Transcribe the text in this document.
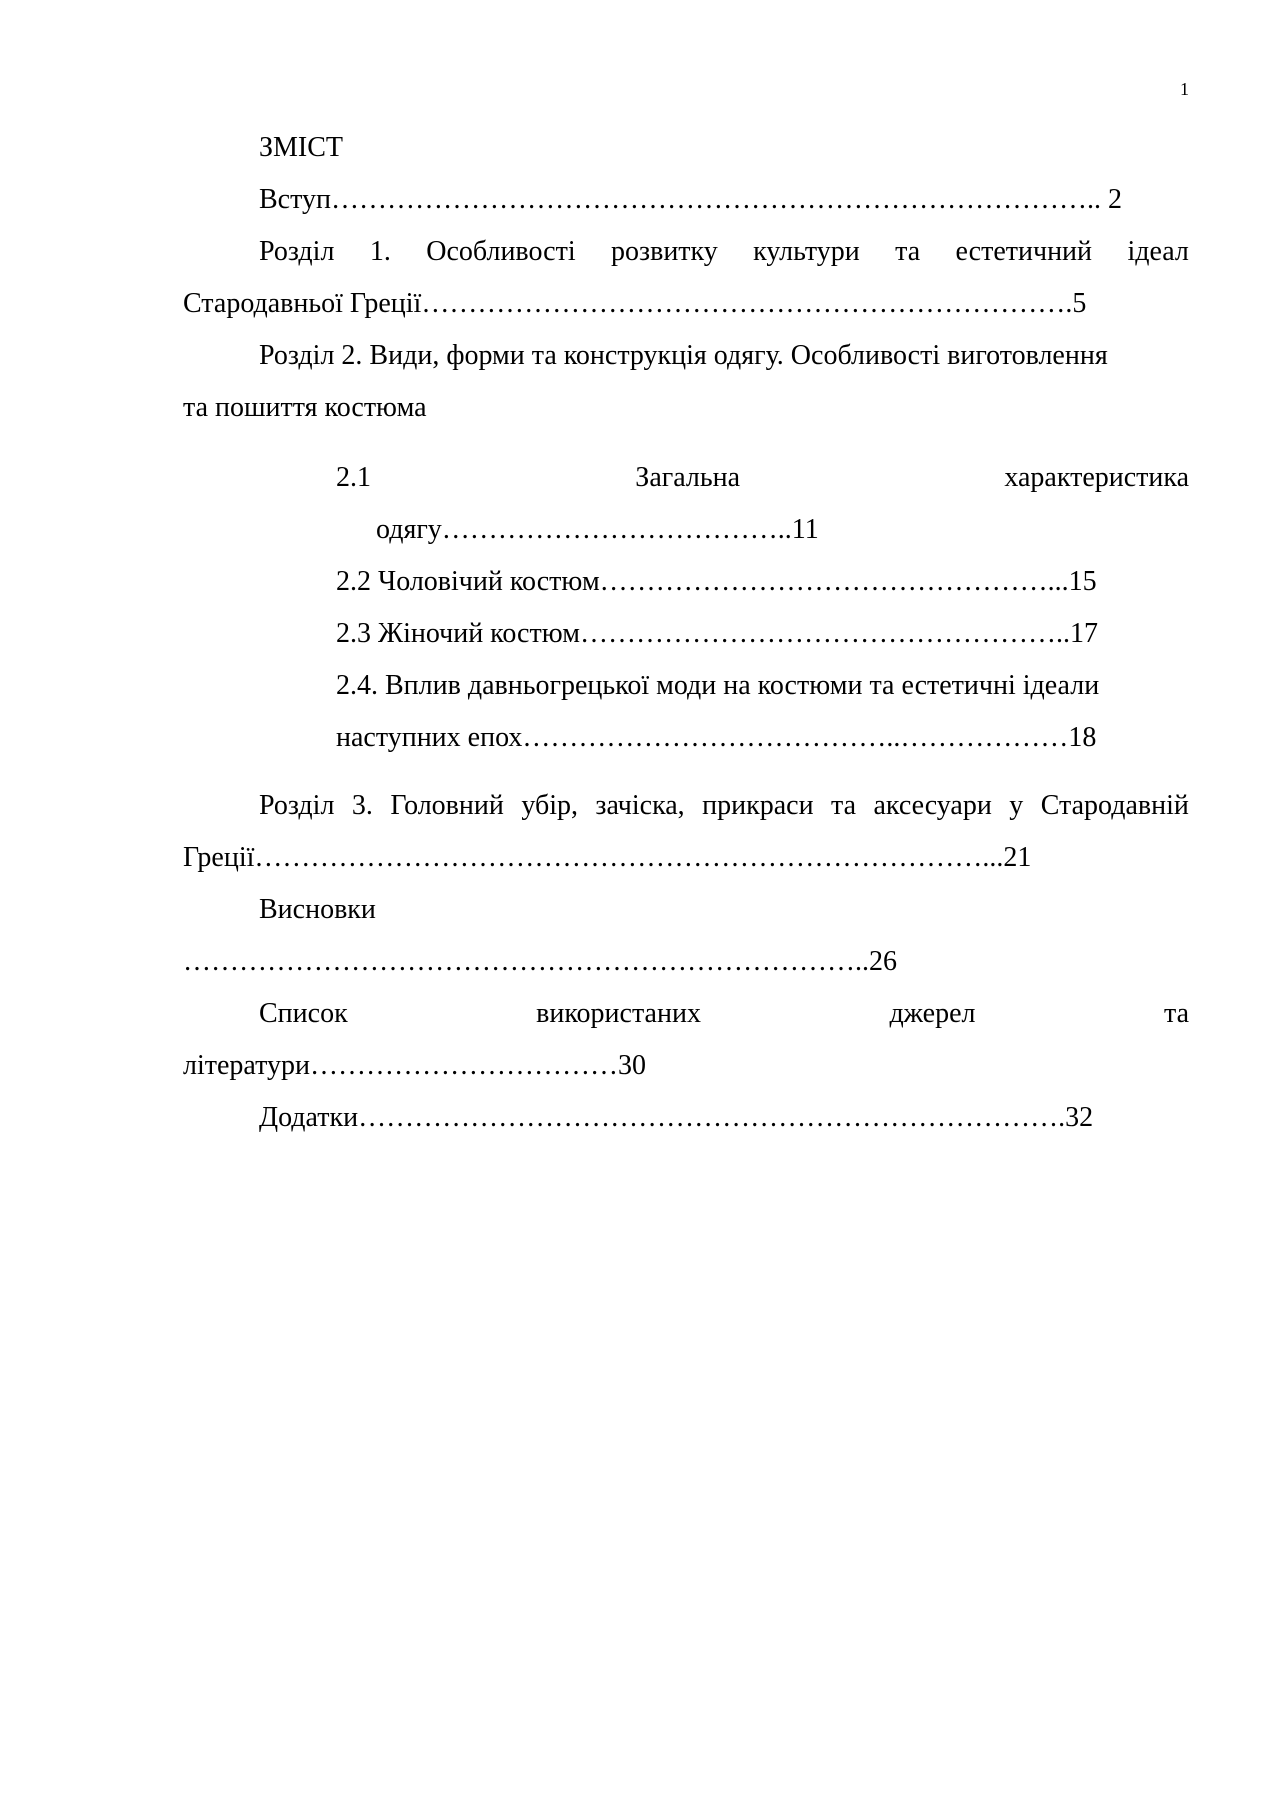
1
ЗМІСТ
Вступ……………………………………………………………………….. 2
Розділ 1. Особливості розвитку культури та естетичний ідеал
Стародавньої Греції…………………………………………………………….5
Розділ 2. Види, форми та конструкція одягу. Особливості виготовлення
та пошиття костюма
2.1	Загальна	характеристика
одягу………………………………..11
2.2 Чоловічий костюм…………………………………………...15
2.3 Жіночий костюм……………………………………………..17
2.4. Вплив давньогрецької моди на костюми та естетичні ідеали
наступних епох…………………………………..………………18
Розділ 3. Головний убір, зачіска, прикраси та аксесуари у Стародавній
Греції……………………………………………………………………...21
Висновки
………………………………………………………………..26
Список	використаних	джерел	та
літератури……………………………30
Додатки………………………………………………………………….32
